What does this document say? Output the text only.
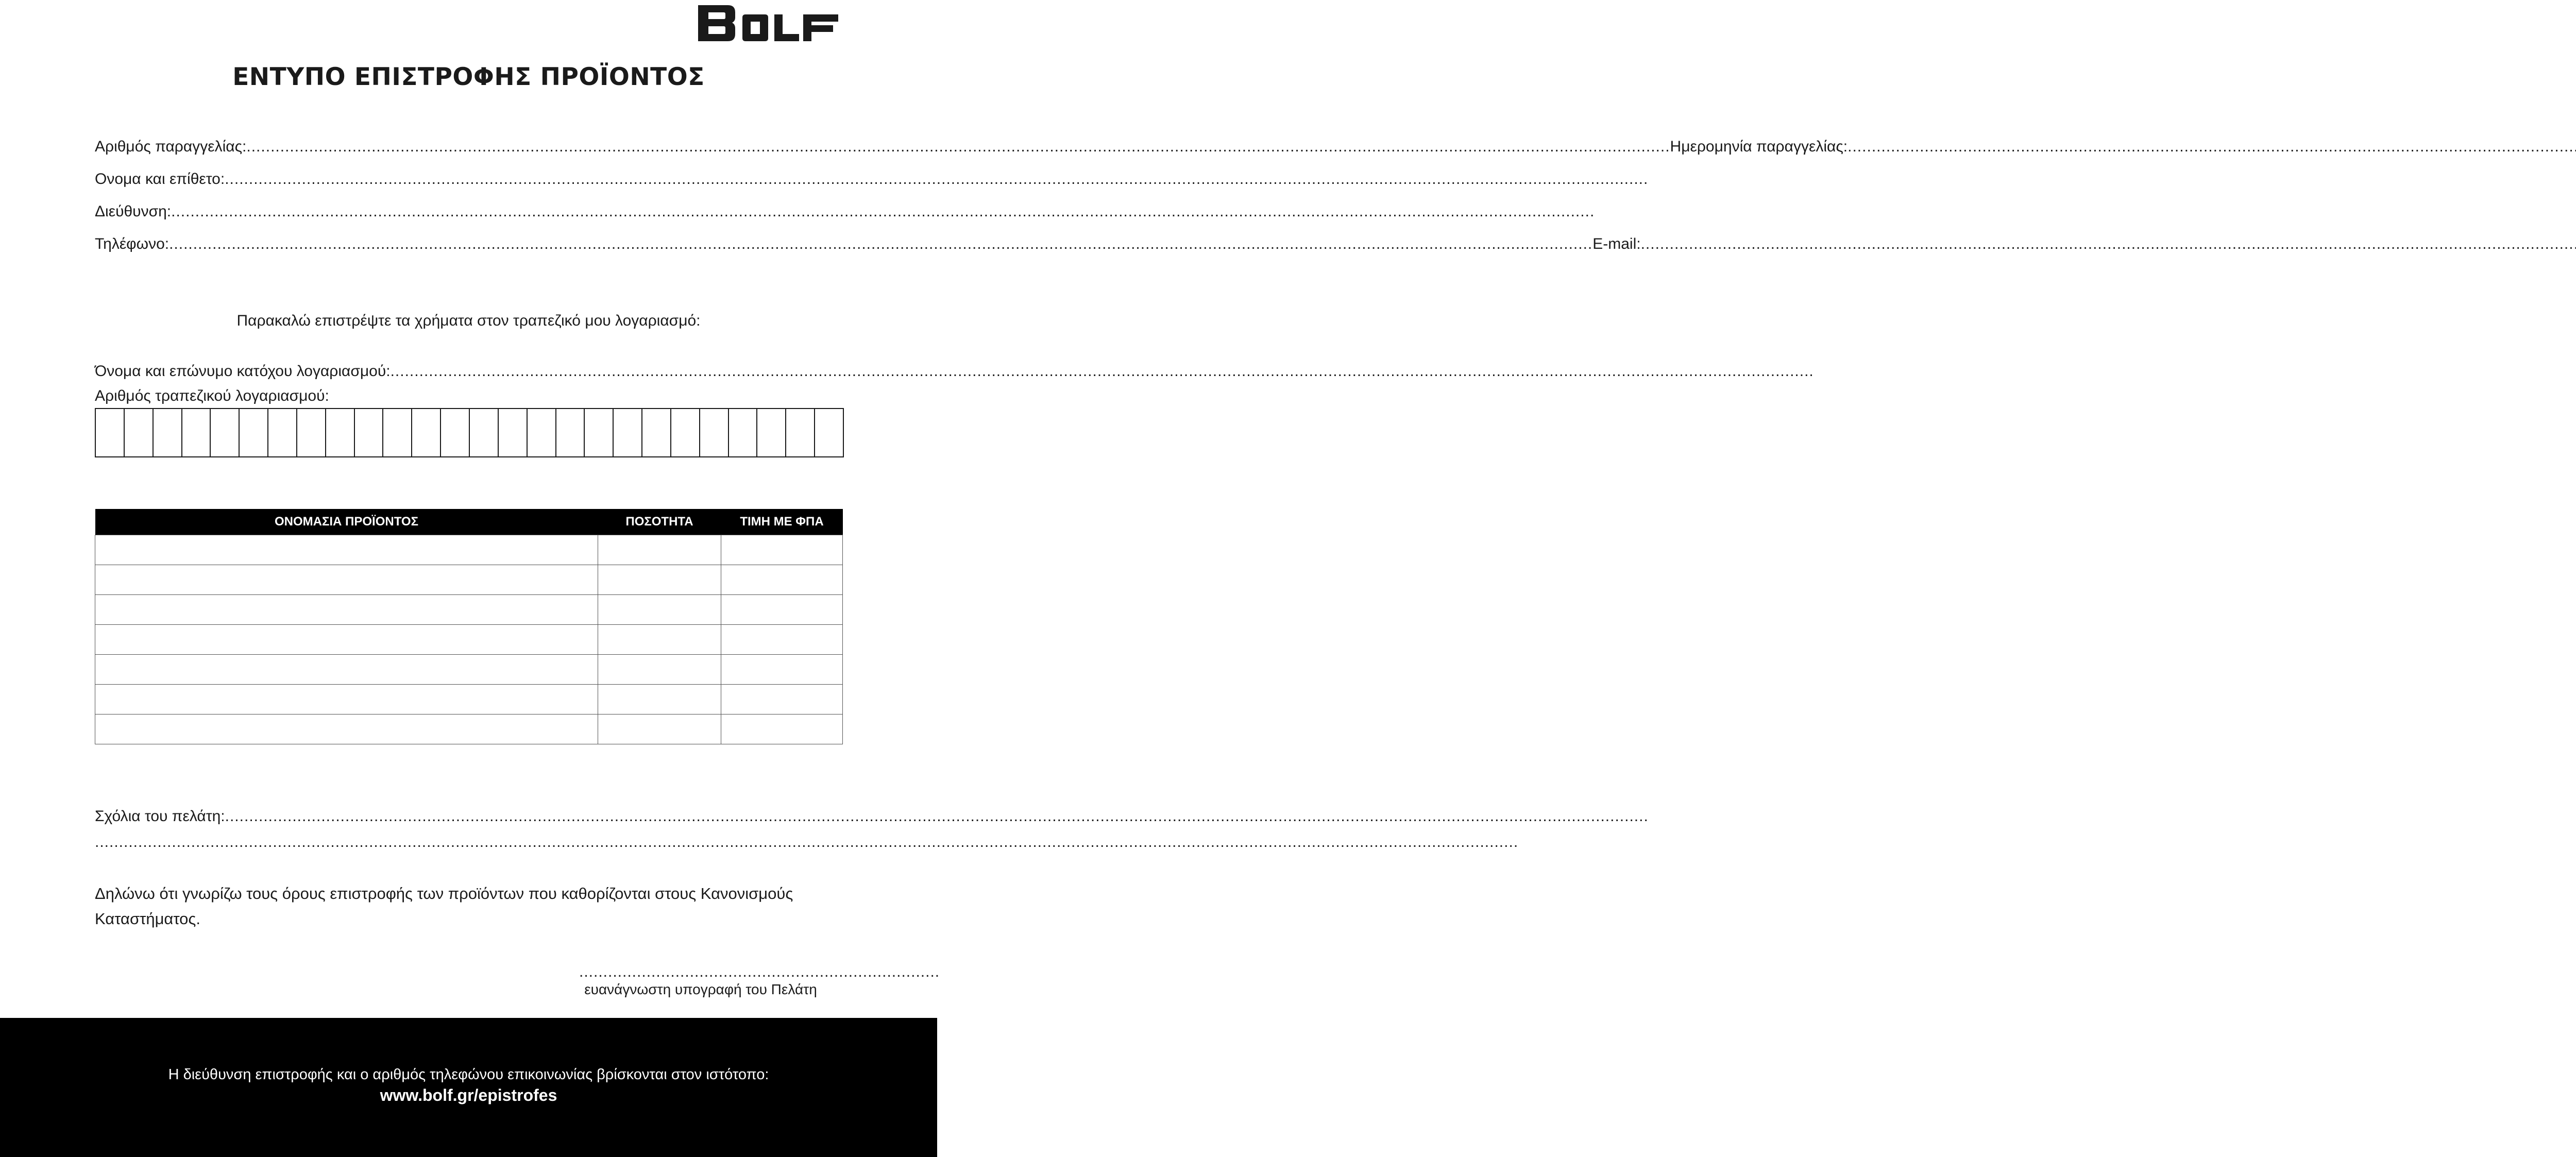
ΕΝΤΥΠΟ ΕΠΙΣΤΡΟΦΗΣ ΠΡΟΪΟΝΤΟΣ
Αριθμός παραγγελίας: .....	Ημερομηνία παραγγελίας:
.....
Ονομα και επίθετο:
.....
Διεύθυνση:
.....
Τηλέφωνο: .....	E-mail:
.....
Παρακαλώ επιστρέψτε τα χρήματα στον τραπεζικό μου λογαριασμό:
Όνομα και επώνυμο κατόχου λογαριασμού:
.....
Αριθμός τραπεζικού λογαριασμού:
ΟΝΟΜΑΣΙΑ ΠΡΟΪΟΝΤΟΣ	ΠΟΣΟΤΗΤΑ	ΤΙΜΗ ΜΕ ΦΠΑ

Σχόλια του πελάτη:
.....
.....
Δηλώνω ότι γνωρίζω τους όρους επιστροφής των προϊόντων που καθορίζονται στους Κανονισμούς Καταστήματος.
...........................................................................
ευανάγνωστη υπογραφή του Πελάτη
Η διεύθυνση επιστροφής και ο αριθμός τηλεφώνου επικοινωνίας βρίσκονται στον ιστότοπο:
www.bolf.gr/epistrofes
